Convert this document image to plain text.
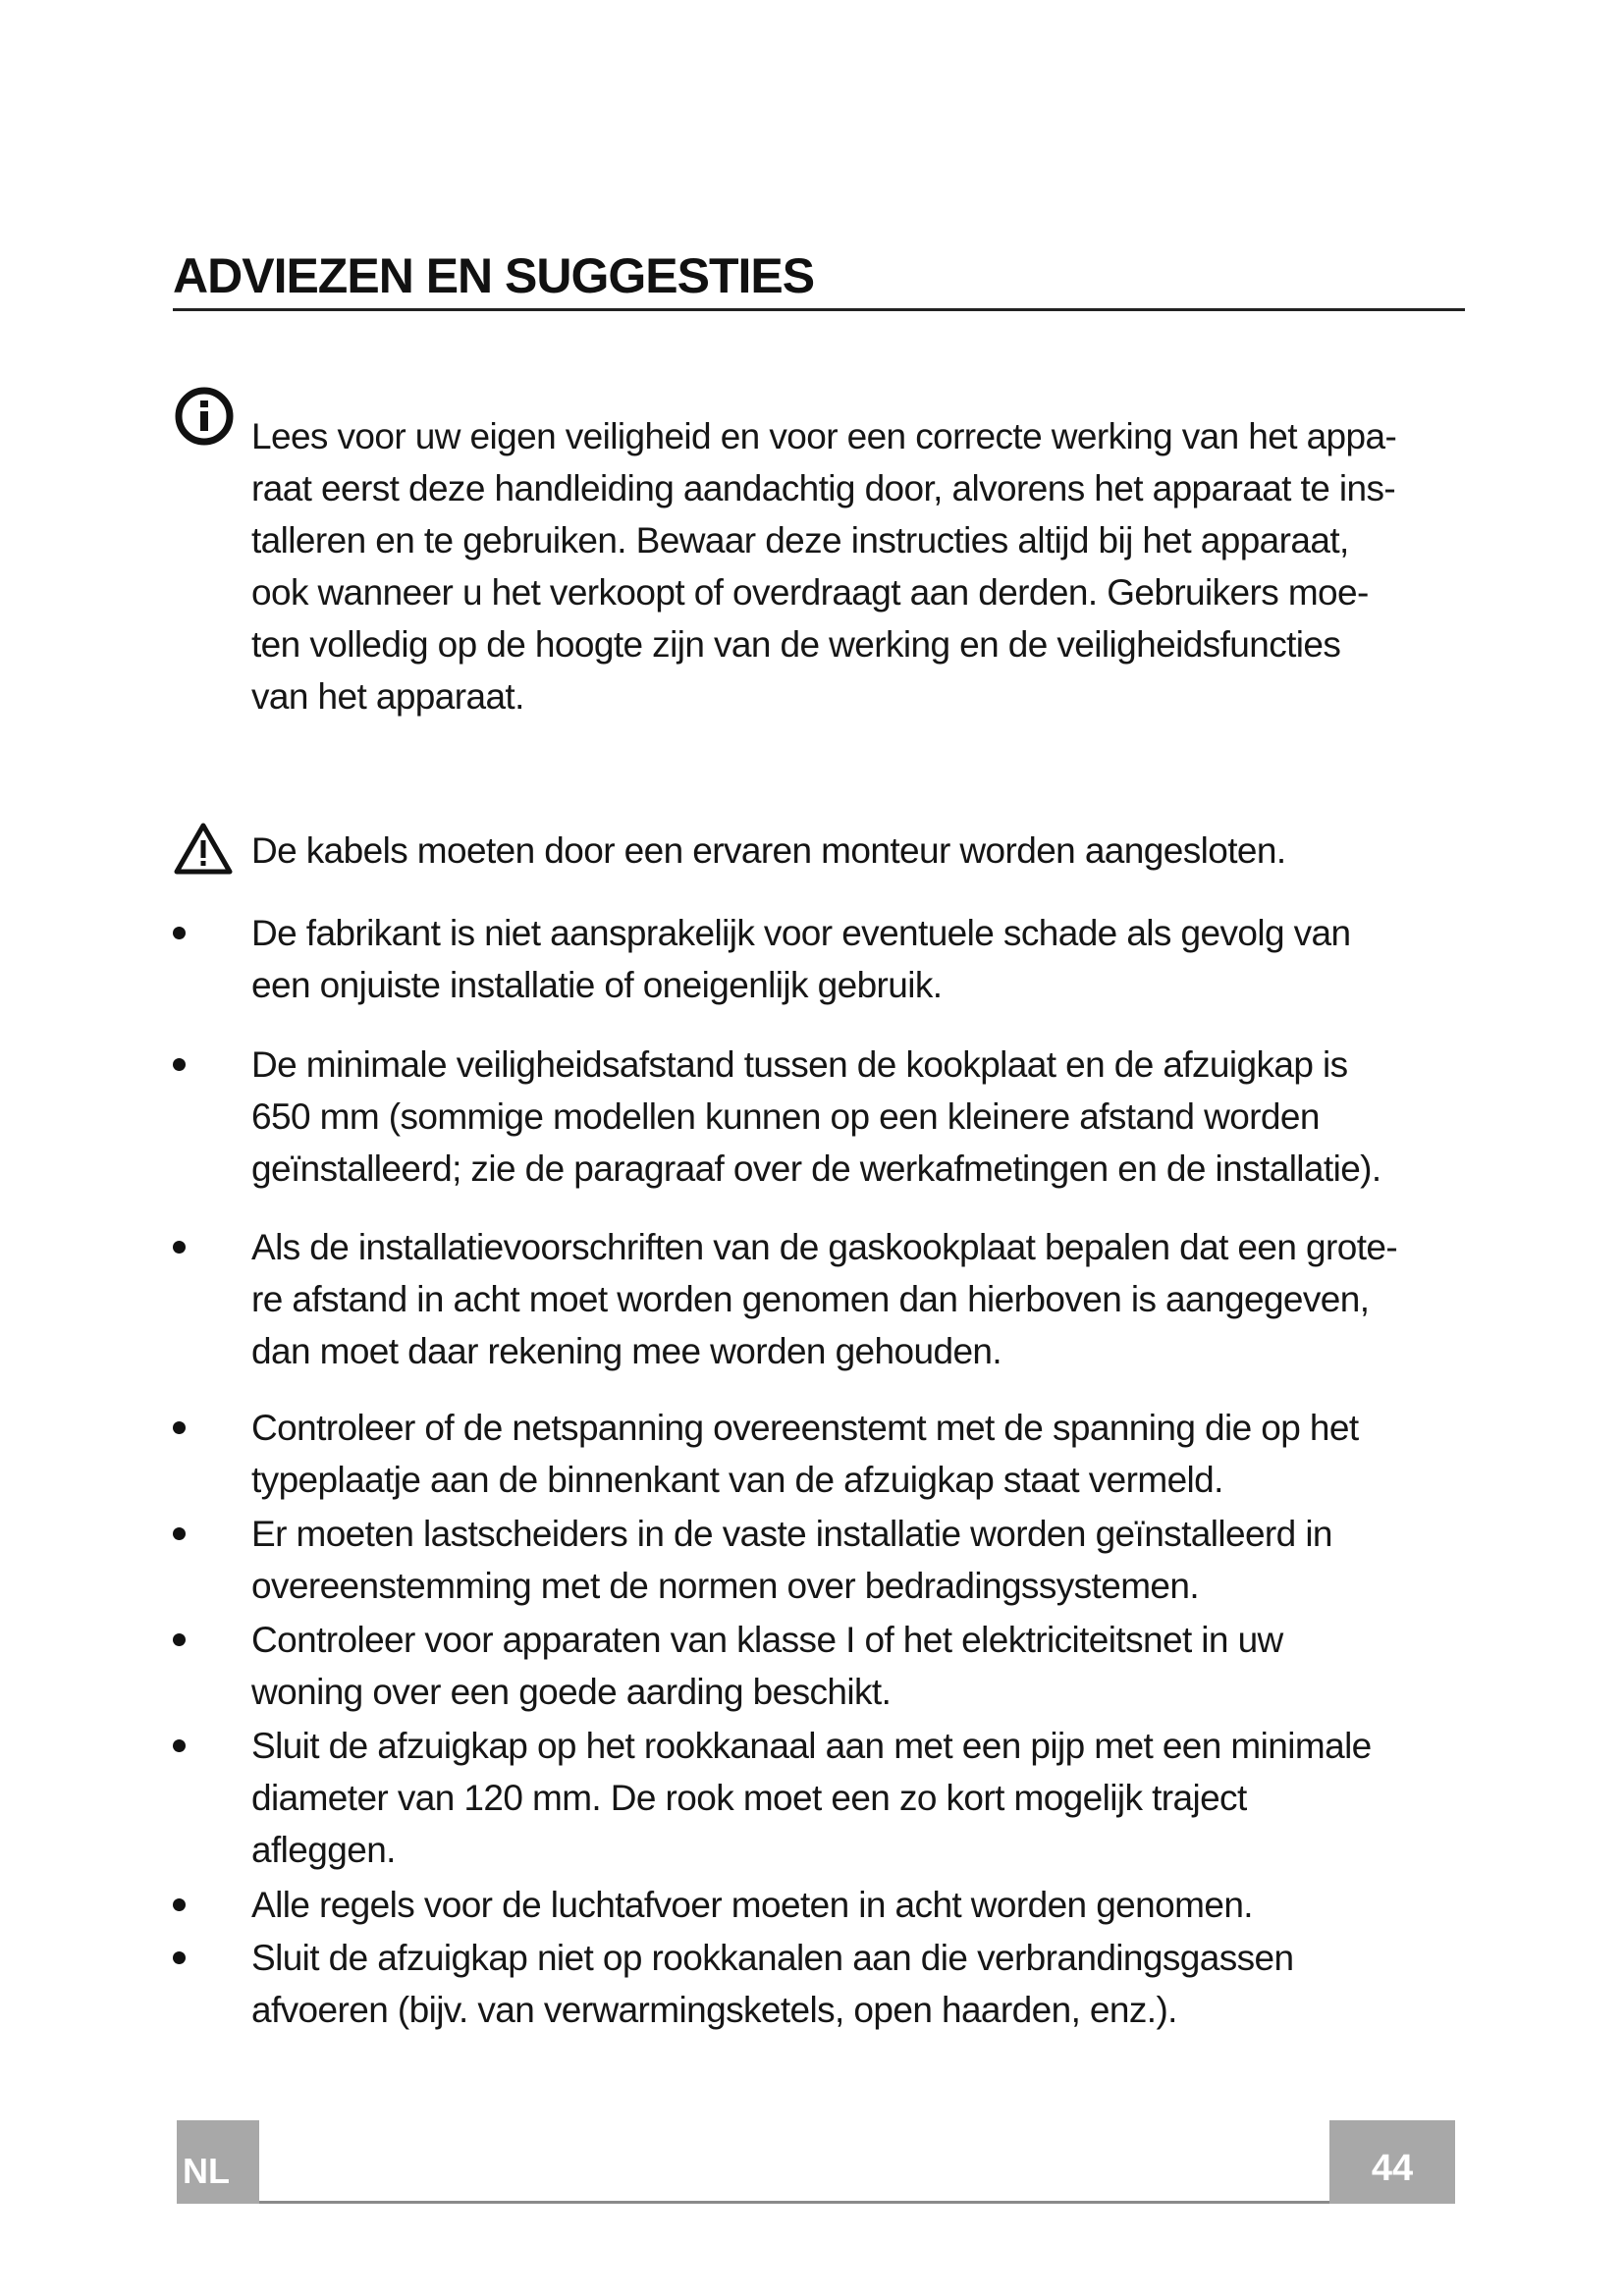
ADVIEZEN EN SUGGESTIES
Lees voor uw eigen veiligheid en voor een correcte werking van het appa-
raat eerst deze handleiding aandachtig door, alvorens het apparaat te ins-
talleren en te gebruiken. Bewaar deze instructies altijd bij het apparaat,
ook wanneer u het verkoopt of overdraagt aan derden. Gebruikers moe-
ten volledig op de hoogte zijn van de werking en de veiligheidsfuncties
van het apparaat.
De kabels moeten door een ervaren monteur worden aangesloten.
De fabrikant is niet aansprakelijk voor eventuele schade als gevolg van
een onjuiste installatie of oneigenlijk gebruik.
De minimale veiligheidsafstand tussen de kookplaat en de afzuigkap is
650 mm (sommige modellen kunnen op een kleinere afstand worden
geïnstalleerd; zie de paragraaf over de werkafmetingen en de installatie).
Als de installatievoorschriften van de gaskookplaat bepalen dat een grote-
re afstand in acht moet worden genomen dan hierboven is aangegeven,
dan moet daar rekening mee worden gehouden.
Controleer of de netspanning overeenstemt met de spanning die op het
typeplaatje aan de binnenkant van de afzuigkap staat vermeld.
Er moeten lastscheiders in de vaste installatie worden geïnstalleerd in
overeenstemming met de normen over bedradingssystemen.
Controleer voor apparaten van klasse I of het elektriciteitsnet in uw
woning over een goede aarding beschikt.
Sluit de afzuigkap op het rookkanaal aan met een pijp met een minimale
diameter van 120 mm. De rook moet een zo kort mogelijk traject
afleggen.
Alle regels voor de luchtafvoer moeten in acht worden genomen.
Sluit de afzuigkap niet op rookkanalen aan die verbrandingsgassen
afvoeren (bijv. van verwarmingsketels, open haarden, enz.).
NL	44
